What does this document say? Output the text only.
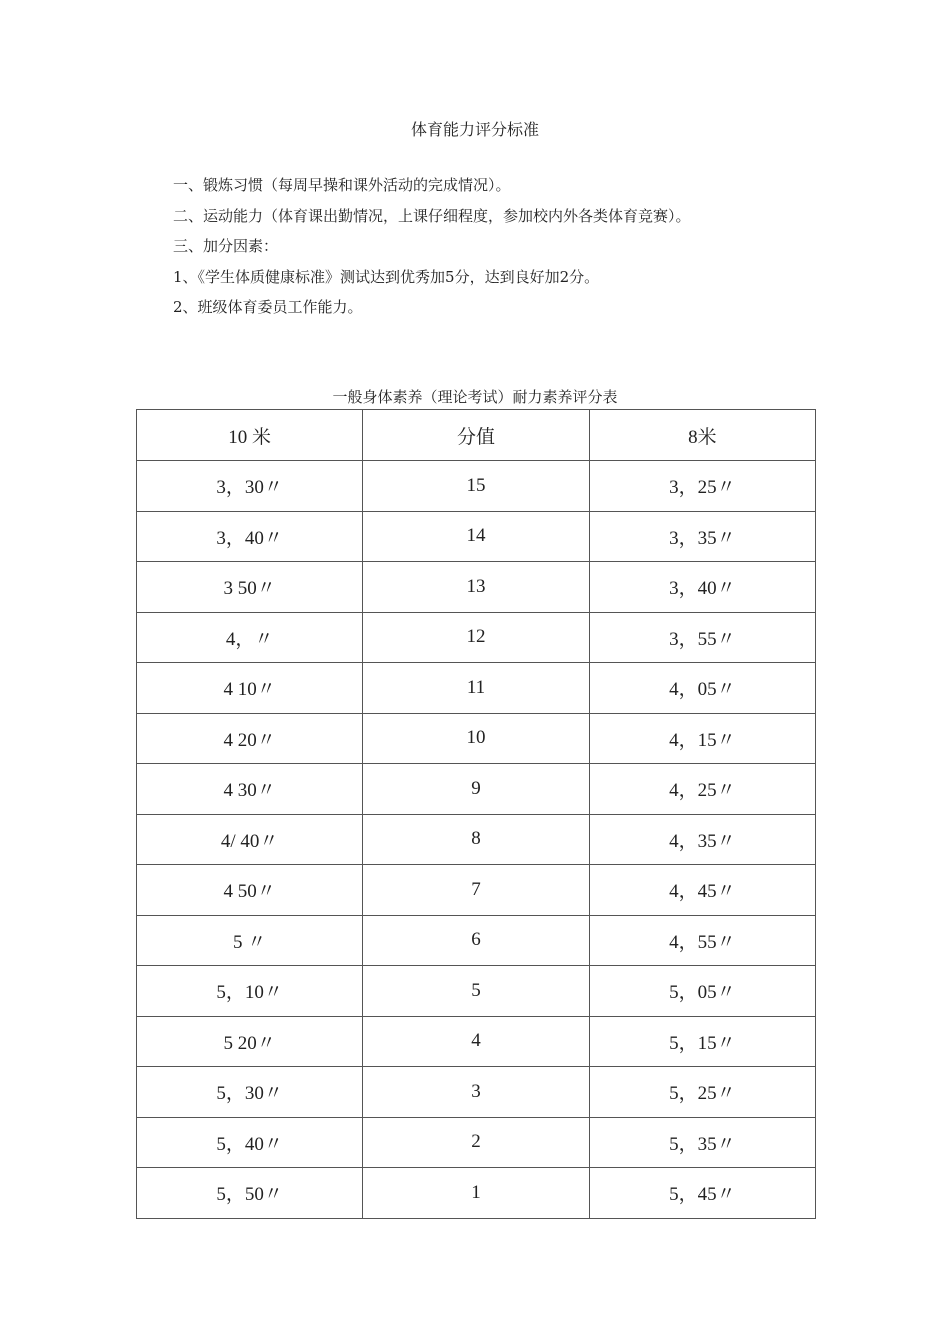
体育能力评分标准
一、锻炼习惯（每周早操和课外活动的完成情况）。
二、运动能力（体育课出勤情况，上课仔细程度，参加校内外各类体育竞赛）。
三、加分因素：
1、《学生体质健康标准》测试达到优秀加5分，达到良好加2分。
2、班级体育委员工作能力。
一般身体素养（理论考试）耐力素养评分表
10 米	分值	8米
3，30〃	15	3，25〃
3，40〃	14	3，35〃
3 50〃	13	3，40〃
4，〃	12	3，55〃
4 10〃	11	4，05〃
4 20〃	10	4，15〃
4 30〃	9	4，25〃
4/ 40〃	8	4，35〃
4 50〃	7	4，45〃
5 〃	6	4，55〃
5，10〃	5	5，05〃
5 20〃	4	5，15〃
5，30〃	3	5，25〃
5，40〃	2	5，35〃
5，50〃	1	5，45〃
